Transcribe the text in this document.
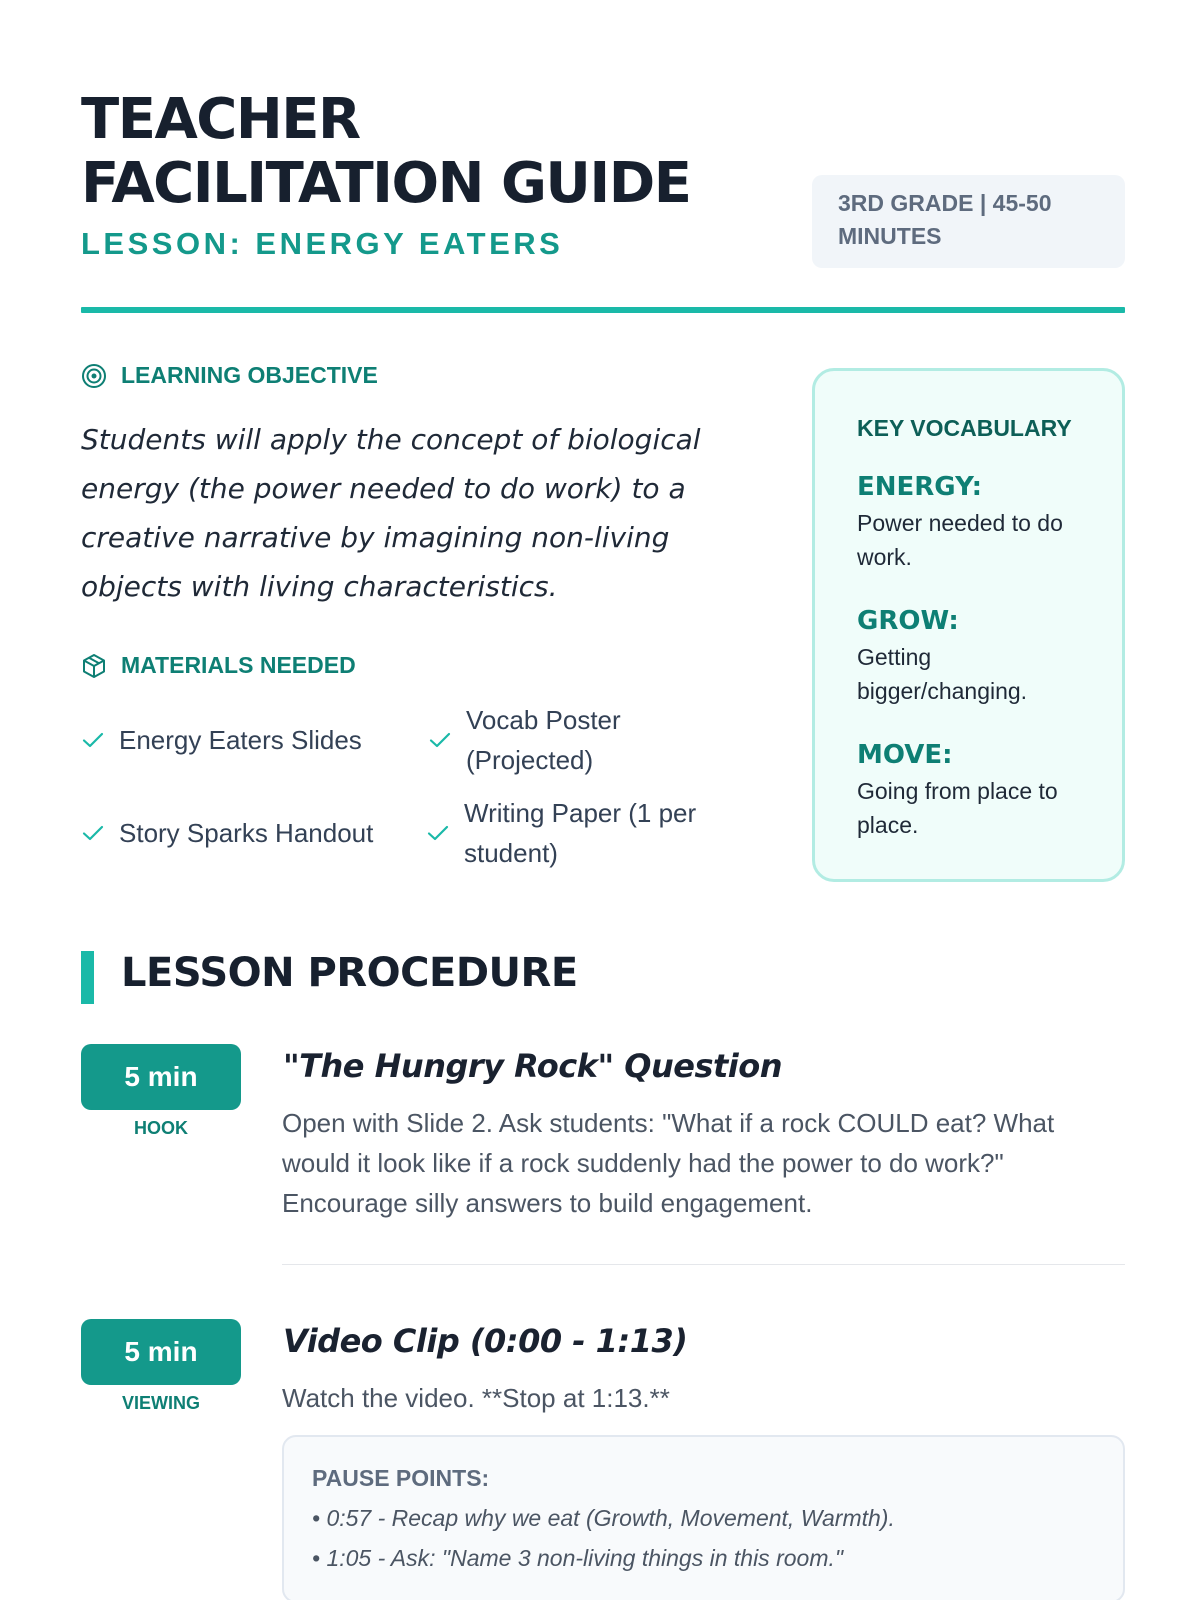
TEACHER FACILITATION GUIDE
LESSON: ENERGY EATERS
3RD GRADE | 45-50 MINUTES
LEARNING OBJECTIVE
Students will apply the concept of biological energy (the power needed to do work) to a creative narrative by imagining non-living objects with living characteristics.
MATERIALS NEEDED
Energy Eaters Slides
Vocab Poster (Projected)
Story Sparks Handout
Writing Paper (1 per student)
KEY VOCABULARY
ENERGY:
Power needed to do work.
GROW:
Getting bigger/changing.
MOVE:
Going from place to place.
LESSON PROCEDURE
5 min
HOOK
"The Hungry Rock" Question
Open with Slide 2. Ask students: "What if a rock COULD eat? What would it look like if a rock suddenly had the power to do work?" Encourage silly answers to build engagement.
5 min
VIEWING
Video Clip (0:00 - 1:13)
Watch the video. **Stop at 1:13.**
PAUSE POINTS:
• 0:57 - Recap why we eat (Growth, Movement, Warmth).
• 1:05 - Ask: "Name 3 non-living things in this room."
